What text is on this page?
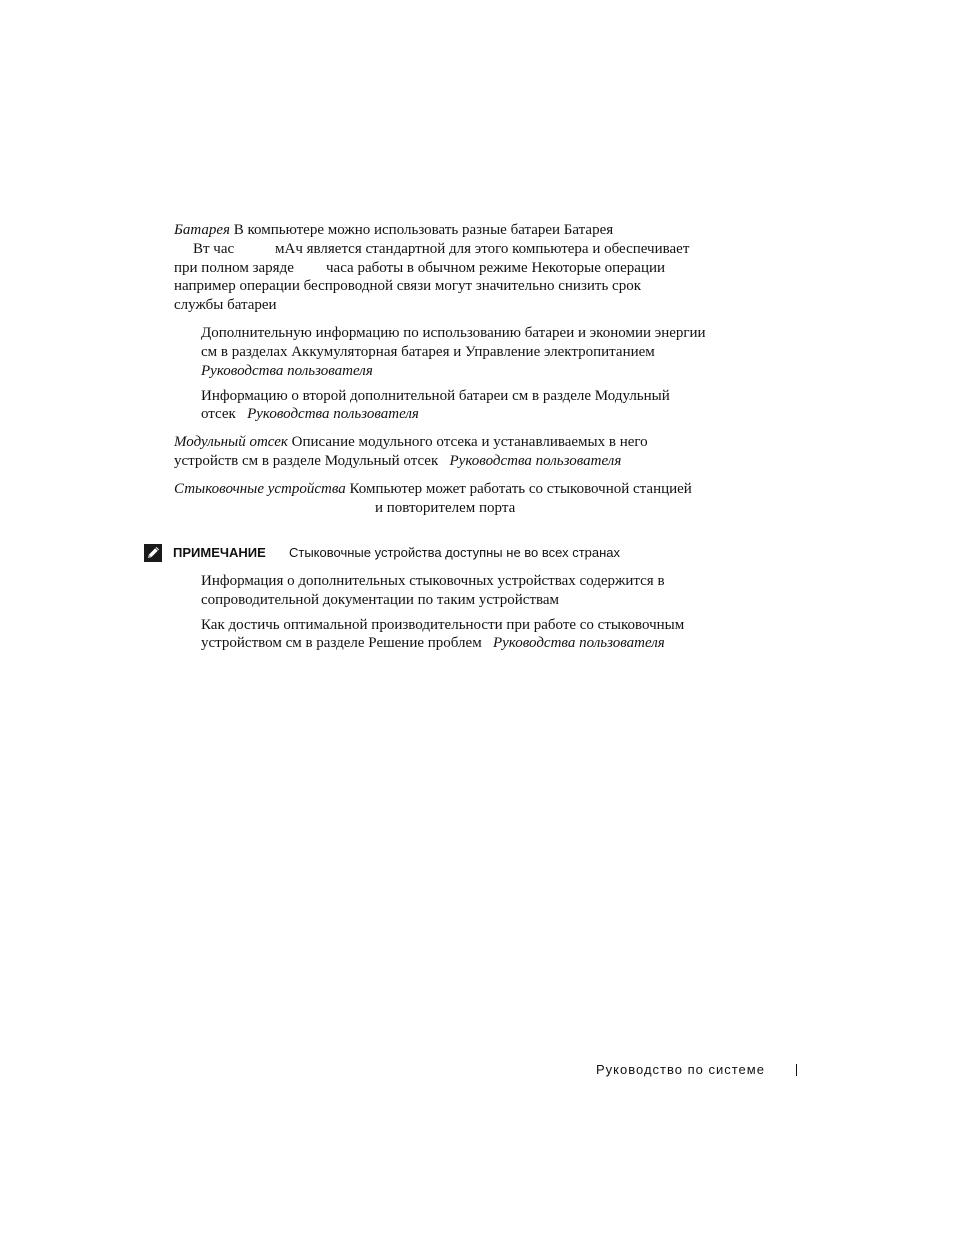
Батарея В компьютере можно использовать разные батареи Батарея
Вт час	мАч является стандартной для этого компьютера и обеспечивает
при полном заряде часа работы в обычном режиме Некоторые операции
например операции беспроводной связи могут значительно снизить срок
службы батареи
Дополнительную информацию по использованию батареи и экономии энергии
см в разделах Аккумуляторная батарея и Управление электропитанием
Руководства пользователя
Информацию о второй дополнительной батареи см в разделе Модульный
отсек Руководства пользователя
Модульный отсек Описание модульного отсека и устанавливаемых в него
устройств см в разделе Модульный отсек Руководства пользователя
Стыковочные устройства Компьютер может работать со стыковочной станцией
и повторителем порта
ПРИМЕЧАНИЕ Стыковочные устройства доступны не во всех странах
Информация о дополнительных стыковочных устройствах содержится в
сопроводительной документации по таким устройствам
Как достичь оптимальной производительности при работе со стыковочным
устройством см в разделе Решение проблем Руководства пользователя
Руководство по системе
